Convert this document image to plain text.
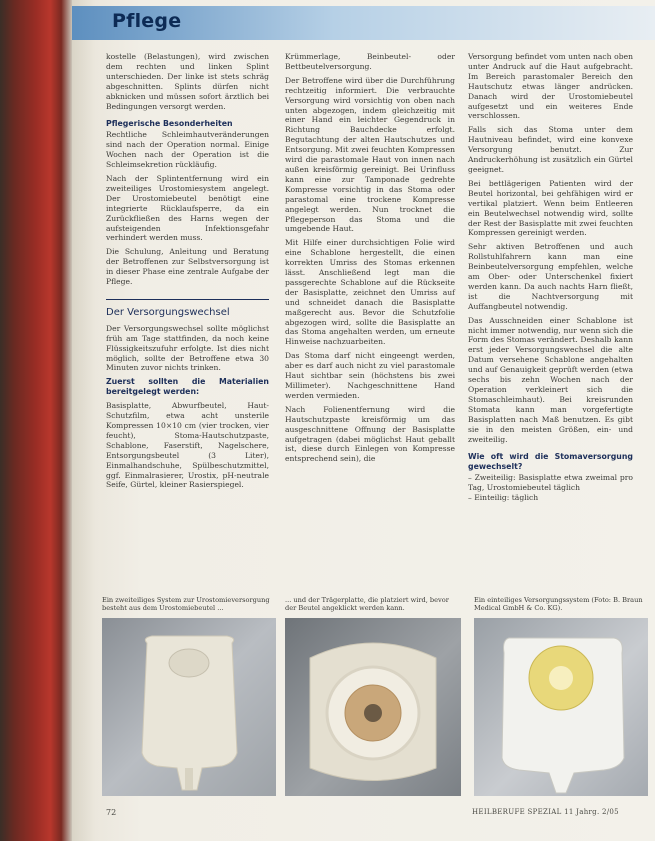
Pflege

kostelle (Belastungen), wird zwischen dem rechten und linken Splint unterschieden. Der linke ist stets schräg abgeschnitten. Splints dürfen nicht abknicken und müssen sofort ärztlich bei Bedingungen versorgt werden.

Pflegerische Besonderheiten

Rechtliche Schleimhautveränderungen sind nach der Operation normal. Einige Wochen nach der Operation ist die Schleimsekretion rückläufig.

Nach der Splintentfernung wird ein zweiteiliges Urostomiesystem angelegt. Der Urostomiebeutel benötigt eine integrierte Rücklaufsperre, da ein Zurückfließen des Harns wegen der aufsteigenden Infektionsgefahr verhindert werden muss.

Die Schulung, Anleitung und Beratung der Betroffenen zur Selbstversorgung ist in dieser Phase eine zentrale Aufgabe der Pflege.

Der Versorgungswechsel

Der Versorgungswechsel sollte möglichst früh am Tage stattfinden, da noch keine Flüssigkeitszufuhr erfolgte. Ist dies nicht möglich, sollte der Betroffene etwa 30 Minuten zuvor nichts trinken.

Zuerst sollten die Materialien bereitgelegt werden:

Basisplatte, Abwurfbeutel, Haut-Schutzfilm, etwa acht unsterile Kompressen 10×10 cm (vier trocken, vier feucht), Stoma-Hautschutzpaste, Schablone, Faserstift, Nagelschere, Entsorgungsbeutel (3 Liter), Einmalhandschuhe, Spülbeschutzmittel, ggf. Einmalrasierer, Urostix, pH-neutrale Seife, Gürtel, kleiner Rasierspiegel.

Krümmerlage, Beinbeutel- oder Bettbeutelversorgung.

Der Betroffene wird über die Durchführung rechtzeitig informiert. Die verbrauchte Versorgung wird vorsichtig von oben nach unten abgezogen, indem gleichzeitig mit einer Hand ein leichter Gegendruck in Richtung Bauchdecke erfolgt. Begutachtung der alten Hautschutzes und Entsorgung. Mit zwei feuchten Kompressen wird die parastomale Haut von innen nach außen kreisförmig gereinigt. Bei Urinfluss kann eine zur Tamponade gedrehte Kompresse vorsichtig in das Stoma oder parastomal eine trockene Kompresse angelegt werden. Nun trocknet die Pflegeperson das Stoma und die umgebende Haut.

Mit Hilfe einer durchsichtigen Folie wird eine Schablone hergestellt, die einen korrekten Umriss des Stomas erkennen lässt. Anschließend legt man die passgerechte Schablone auf die Rückseite der Basisplatte, zeichnet den Umriss auf und schneidet danach die Basisplatte maßgerecht aus. Bevor die Schutzfolie abgezogen wird, sollte die Basisplatte an das Stoma angehalten werden, um erneute Hinweise nachzuarbeiten.

Das Stoma darf nicht eingeengt werden, aber es darf auch nicht zu viel parastomale Haut sichtbar sein (höchstens bis zwei Millimeter). Nachgeschnittene Hand werden vermieden.

Nach Folienentfernung wird die Hautschutzpaste kreisförmig um das ausgeschnittene Offnung der Basisplatte aufgetragen (dabei möglichst Haut geballt ist, diese durch Einlegen von Kompresse entsprechend sein), die

Versorgung befindet vom unten nach oben unter Andruck auf die Haut aufgebracht. Im Bereich parastomaler Bereich den Hautschutz etwas länger andrücken. Danach wird der Urostomiebeutel aufgesetzt und ein weiteres Ende verschlossen.

Falls sich das Stoma unter dem Hautniveau befindet, wird eine konvexe Versorgung benutzt. Zur Andruckerhöhung ist zusätzlich ein Gürtel geeignet.

Bei bettlägerigen Patienten wird der Beutel horizontal, bei gehfähigen wird er vertikal platziert. Wenn beim Entleeren ein Beutelwechsel notwendig wird, sollte der Rest der Basisplatte mit zwei feuchten Kompressen gereinigt werden.

Sehr aktiven Betroffenen und auch Rollstuhlfahrern kann man eine Beinbeutelversorgung empfehlen, welche am Ober- oder Unterschenkel fixiert werden kann. Da auch nachts Harn fließt, ist die Nachtversorgung mit Auffangbeutel notwendig.

Das Ausschneiden einer Schablone ist nicht immer notwendig, nur wenn sich die Form des Stomas verändert. Deshalb kann erst jeder Versorgungswechsel die alte Datum versehene Schablone angehalten und auf Genauigkeit geprüft werden (etwa sechs bis zehn Wochen nach der Operation verkleinert sich die Stomaschleimhaut). Bei kreisrunden Stomata kann man vorgefertigte Basisplatten nach Maß benutzen. Es gibt sie in den meisten Größen, ein- und zweiteilig.

Wie oft wird die Stomaversorgung gewechselt?
– Zweiteilig: Basisplatte etwa zweimal pro Tag, Urostomiebeutel täglich
– Einteilig: täglich
Ein zweiteiliges System zur Urostomieversorgung besteht aus dem Urostomiebeutel ...
... und der Trägerplatte, die platziert wird, bevor der Beutel angeklickt werden kann.
Ein einteiliges Versorgungssystem (Foto: B. Braun Medical GmbH & Co. KG).
72	HEILBERUFE SPEZIAL 11 Jahrg. 2/05
